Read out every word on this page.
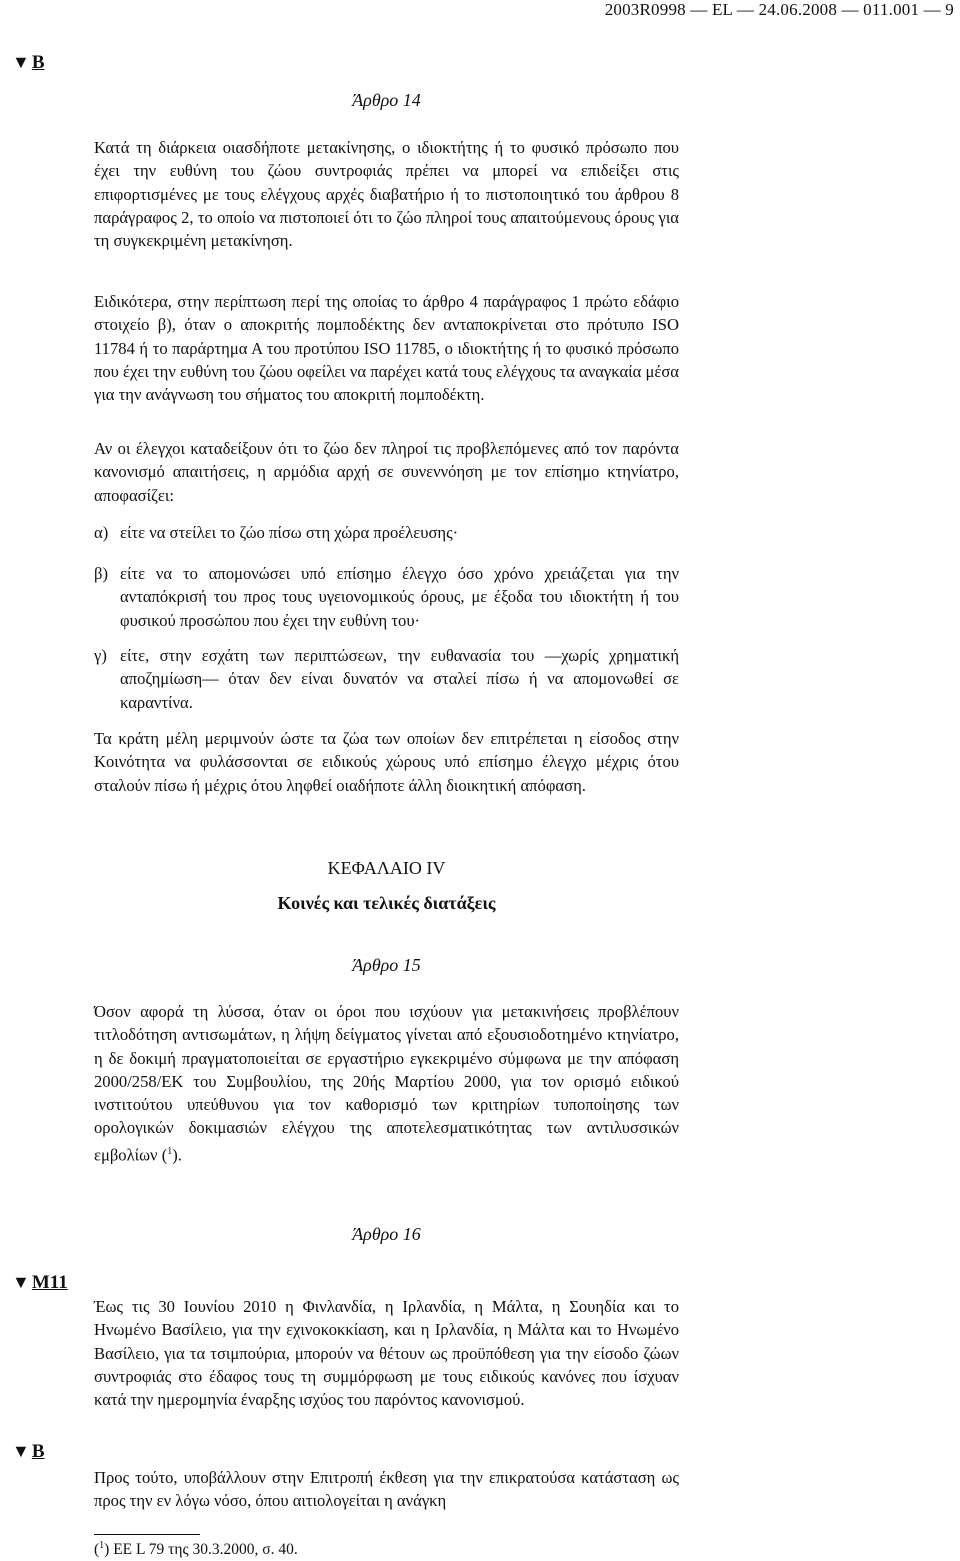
2003R0998 — EL — 24.06.2008 — 011.001 — 9
▼ B
Άρθρο 14

Κατά τη διάρκεια οιασδήποτε μετακίνησης, ο ιδιοκτήτης ή το φυσικό πρόσωπο που έχει την ευθύνη του ζώου συντροφιάς πρέπει να μπορεί να επιδείξει στις επιφορτισμένες με τους ελέγχους αρχές διαβατήριο ή το πιστοποιητικό του άρθρου 8 παράγραφος 2, το οποίο να πιστοποιεί ότι το ζώο πληροί τους απαιτούμενους όρους για τη συγκεκριμένη μετακίνηση.

Ειδικότερα, στην περίπτωση περί της οποίας το άρθρο 4 παράγραφος 1 πρώτο εδάφιο στοιχείο β), όταν ο αποκριτής πομποδέκτης δεν ανταποκρίνεται στο πρότυπο ISO 11784 ή το παράρτημα Α του προτύπου ISO 11785, ο ιδιοκτήτης ή το φυσικό πρόσωπο που έχει την ευθύνη του ζώου οφείλει να παρέχει κατά τους ελέγχους τα αναγκαία μέσα για την ανάγνωση του σήματος του αποκριτή πομποδέκτη.

Αν οι έλεγχοι καταδείξουν ότι το ζώο δεν πληροί τις προβλεπόμενες από τον παρόντα κανονισμό απαιτήσεις, η αρμόδια αρχή σε συνεννόηση με τον επίσημο κτηνίατρο, αποφασίζει:

α) είτε να στείλει το ζώο πίσω στη χώρα προέλευσης·
β) είτε να το απομονώσει υπό επίσημο έλεγχο όσο χρόνο χρειάζεται για την ανταπόκρισή του προς τους υγειονομικούς όρους, με έξοδα του ιδιοκτήτη ή του φυσικού προσώπου που έχει την ευθύνη του·
γ) είτε, στην εσχάτη των περιπτώσεων, την ευθανασία του —χωρίς χρηματική αποζημίωση— όταν δεν είναι δυνατόν να σταλεί πίσω ή να απομονωθεί σε καραντίνα.

Τα κράτη μέλη μεριμνούν ώστε τα ζώα των οποίων δεν επιτρέπεται η είσοδος στην Κοινότητα να φυλάσσονται σε ειδικούς χώρους υπό επίσημο έλεγχο μέχρις ότου σταλούν πίσω ή μέχρις ότου ληφθεί οιαδήποτε άλλη διοικητική απόφαση.

ΚΕΦΑΛΑΙΟ IV
Κοινές και τελικές διατάξεις
Άρθρο 15

Όσον αφορά τη λύσσα, όταν οι όροι που ισχύουν για μετακινήσεις προβλέπουν τιτλοδότηση αντισωμάτων, η λήψη δείγματος γίνεται από εξουσιοδοτημένο κτηνίατρο, η δε δοκιμή πραγματοποιείται σε εργαστήριο εγκεκριμένο σύμφωνα με την απόφαση 2000/258/ΕΚ του Συμβουλίου, της 20ής Μαρτίου 2000, για τον ορισμό ειδικού ινστιτούτου υπεύθυνου για τον καθορισμό των κριτηρίων τυποποίησης των ορολογικών δοκιμασιών ελέγχου της αποτελεσματικότητας των αντιλυσσικών εμβολίων ($^1$).

Άρθρο 16
▼ M11

Έως τις 30 Ιουνίου 2010 η Φινλανδία, η Ιρλανδία, η Μάλτα, η Σουηδία και το Ηνωμένο Βασίλειο, για την εχινοκοκκίαση, και η Ιρλανδία, η Μάλτα και το Ηνωμένο Βασίλειο, για τα τσιμπούρια, μπορούν να θέτουν ως προϋπόθεση για την είσοδο ζώων συντροφιάς στο έδαφος τους τη συμμόρφωση με τους ειδικούς κανόνες που ίσχυαν κατά την ημερομηνία έναρξης ισχύος του παρόντος κανονισμού.

▼ B

Προς τούτο, υποβάλλουν στην Επιτροπή έκθεση για την επικρατούσα κατάσταση ως προς την εν λόγω νόσο, όπου αιτιολογείται η ανάγκη

($^1$) ΕΕ L 79 της 30.3.2000, σ. 40.
